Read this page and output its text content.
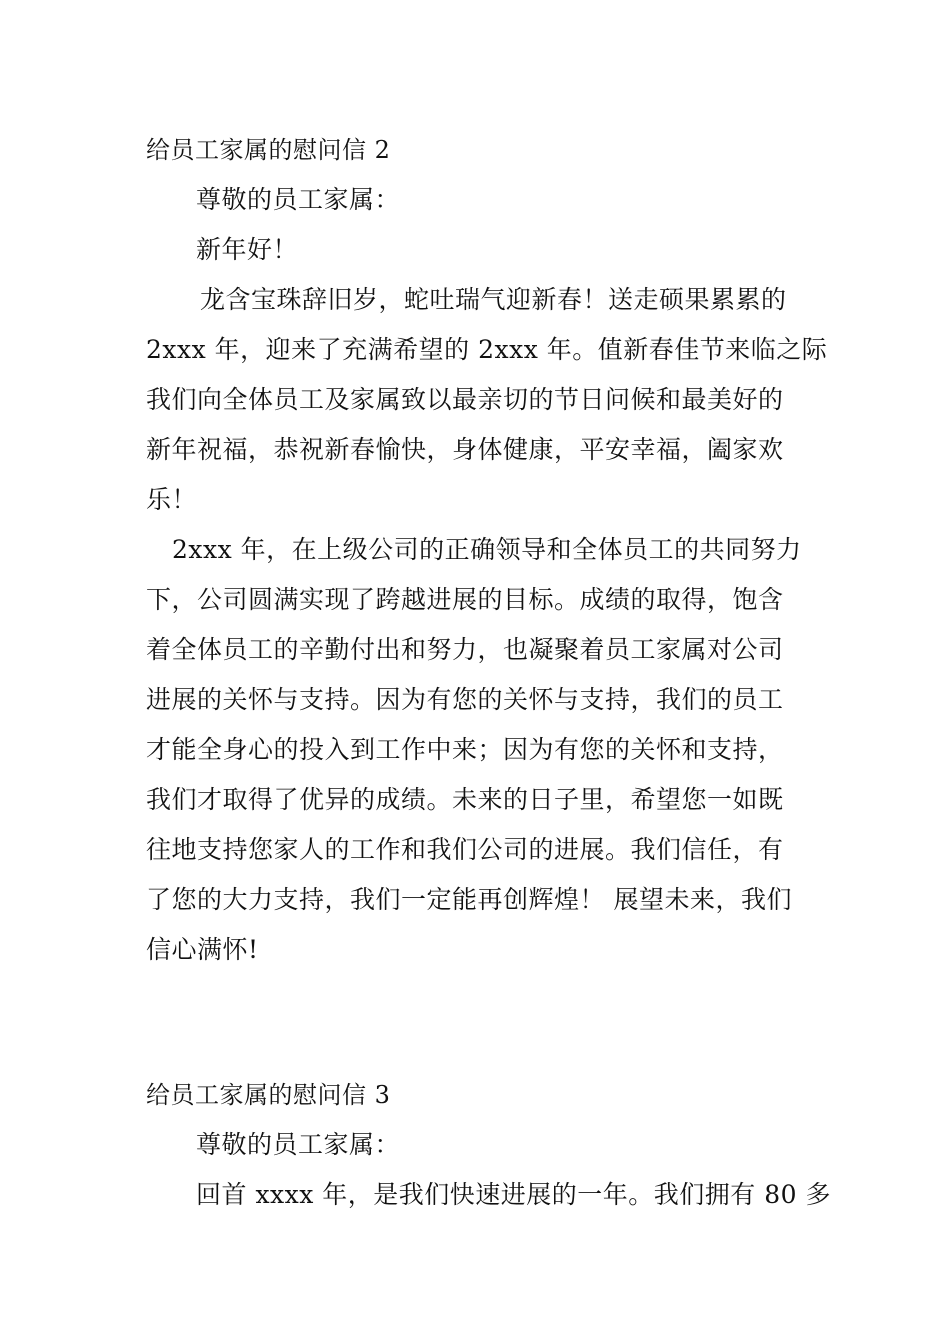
给员工家属的慰问信 2
尊敬的员工家属：
新年好！
龙含宝珠辞旧岁，蛇吐瑞气迎新春！送走硕果累累的
2xxx 年，迎来了充满希望的 2xxx 年。值新春佳节来临之际
我们向全体员工及家属致以最亲切的节日问候和最美好的
新年祝福，恭祝新春愉快，身体健康，平安幸福，阖家欢
乐！
2xxx 年，在上级公司的正确领导和全体员工的共同努力
下，公司圆满实现了跨越进展的目标。成绩的取得，饱含
着全体员工的辛勤付出和努力，也凝聚着员工家属对公司
进展的关怀与支持。因为有您的关怀与支持，我们的员工
才能全身心的投入到工作中来；因为有您的关怀和支持，
我们才取得了优异的成绩。未来的日子里，希望您一如既
往地支持您家人的工作和我们公司的进展。我们信任，有
了您的大力支持，我们一定能再创辉煌！ 展望未来，我们
信心满怀!
给员工家属的慰问信 3
尊敬的员工家属：
回首 xxxx 年，是我们快速进展的一年。我们拥有 80 多
